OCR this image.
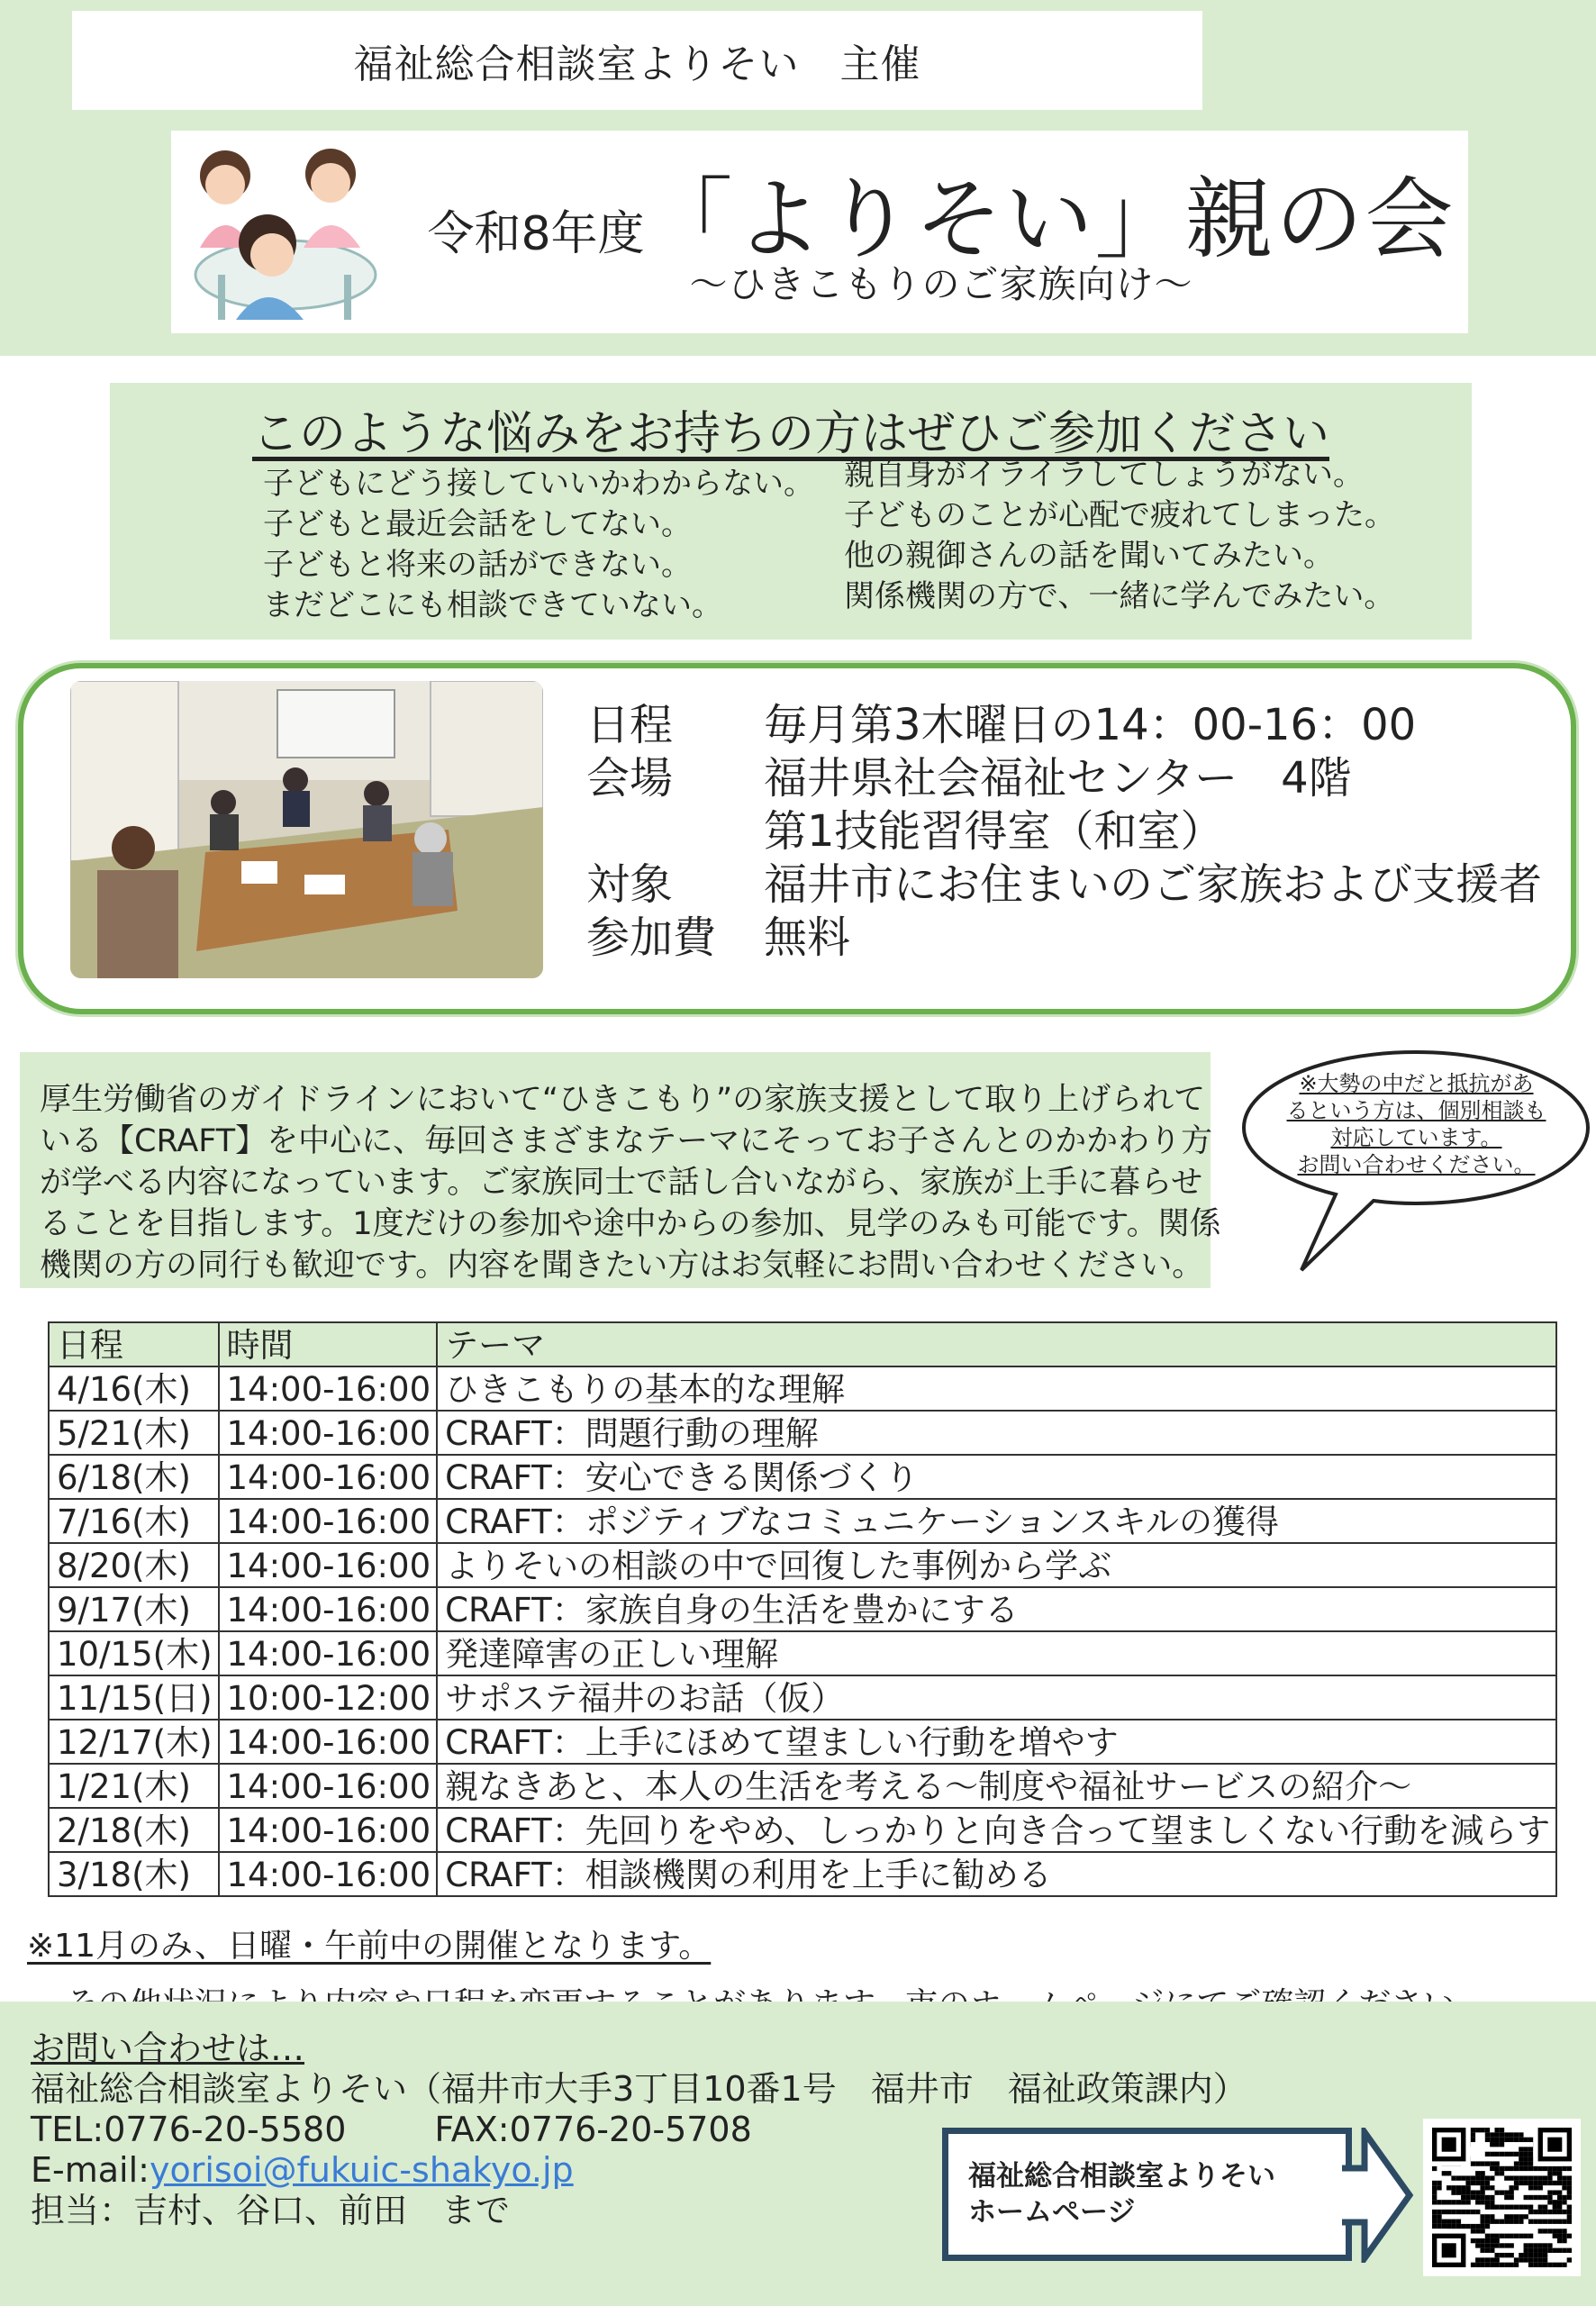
福祉総合相談室よりそい　主催
令和8年度 「よりそい」親の会
～ひきこもりのご家族向け～
このような悩みをお持ちの方はぜひご参加ください

子どもにどう接していいかわからない。

子どもと最近会話をしてない。

子どもと将来の話ができない。

まだどこにも相談できていない。

親自身がイライラしてしょうがない。

子どものことが心配で疲れてしまった。

他の親御さんの話を聞いてみたい。

関係機関の方で、一緒に学んでみたい。

日程	毎月第3木曜日の14：00-16：00
会場	福井県社会福祉センター　4階
第1技能習得室（和室）
対象	福井市にお住まいのご家族および支援者
参加費	無料

厚生労働省のガイドラインにおいて“ひきこもり”の家族支援として取り上げられて

いる【CRAFT】を中心に、毎回さまざまなテーマにそってお子さんとのかかわり方

が学べる内容になっています。ご家族同士で話し合いながら、家族が上手に暮らせ

ることを目指します。1度だけの参加や途中からの参加、見学のみも可能です。関係

機関の方の同行も歓迎です。内容を聞きたい方はお気軽にお問い合わせください。

※大勢の中だと抵抗があ
るという方は、個別相談も
対応しています。
お問い合わせください。
日程	時間	テーマ
4/16(木)	14:00-16:00	ひきこもりの基本的な理解
5/21(木)	14:00-16:00	CRAFT：問題行動の理解
6/18(木)	14:00-16:00	CRAFT：安心できる関係づくり
7/16(木)	14:00-16:00	CRAFT：ポジティブなコミュニケーションスキルの獲得
8/20(木)	14:00-16:00	よりそいの相談の中で回復した事例から学ぶ
9/17(木)	14:00-16:00	CRAFT：家族自身の生活を豊かにする
10/15(木)	14:00-16:00	発達障害の正しい理解
11/15(日)	10:00-12:00	サポステ福井のお話（仮）
12/17(木)	14:00-16:00	CRAFT：上手にほめて望ましい行動を増やす
1/21(木)	14:00-16:00	親なきあと、本人の生活を考える～制度や福祉サービスの紹介～
2/18(木)	14:00-16:00	CRAFT：先回りをやめ、しっかりと向き合って望ましくない行動を減らす
3/18(木)	14:00-16:00	CRAFT：相談機関の利用を上手に勧める

※11月のみ、日曜・午前中の開催となります。

お問い合わせは…

福祉総合相談室よりそい（福井市大手3丁目10番1号　福井市　福祉政策課内）

TEL:0776-20-5580	FAX:0776-20-5708

E-mail:yorisoi@fukuic-shakyo.jp

担当：吉村、谷口、前田　まで

福祉総合相談室よりそい
ホームページ
